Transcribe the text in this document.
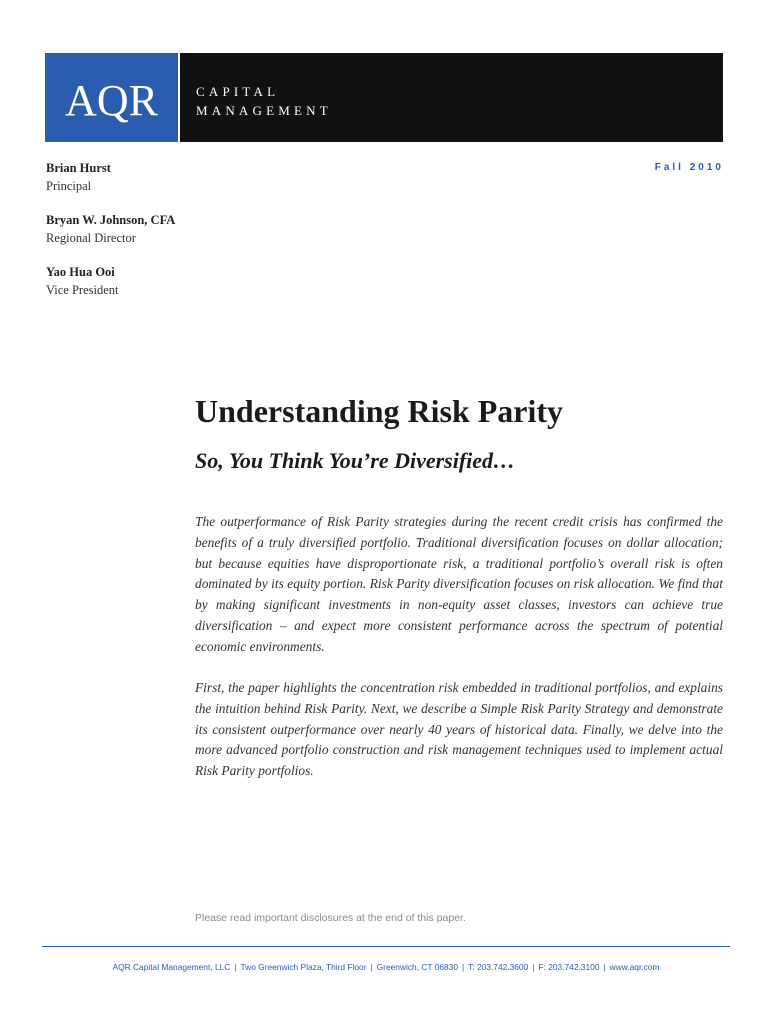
AQR	CAPITAL
MANAGEMENT
Brian Hurst
Principal
Bryan W. Johnson, CFA
Regional Director
Yao Hua Ooi
Vice President
Fall 2010
Understanding Risk Parity
So, You Think You’re Diversified…

The outperformance of Risk Parity strategies during the recent credit crisis has confirmed the benefits of a truly diversified portfolio. Traditional diversification focuses on dollar allocation; but because equities have disproportionate risk, a traditional portfolio’s overall risk is often dominated by its equity portion. Risk Parity diversification focuses on risk allocation. We find that by making significant investments in non-equity asset classes, investors can achieve true diversification – and expect more consistent performance across the spectrum of potential economic environments.

First, the paper highlights the concentration risk embedded in traditional portfolios, and explains the intuition behind Risk Parity. Next, we describe a Simple Risk Parity Strategy and demonstrate its consistent outperformance over nearly 40 years of historical data. Finally, we delve into the more advanced portfolio construction and risk management techniques used to implement actual Risk Parity portfolios.

Please read important disclosures at the end of this paper.
AQR Capital Management, LLC | Two Greenwich Plaza, Third Floor | Greenwich, CT 06830 | T: 203.742.3600 | F: 203.742.3100 | www.aqr.com
